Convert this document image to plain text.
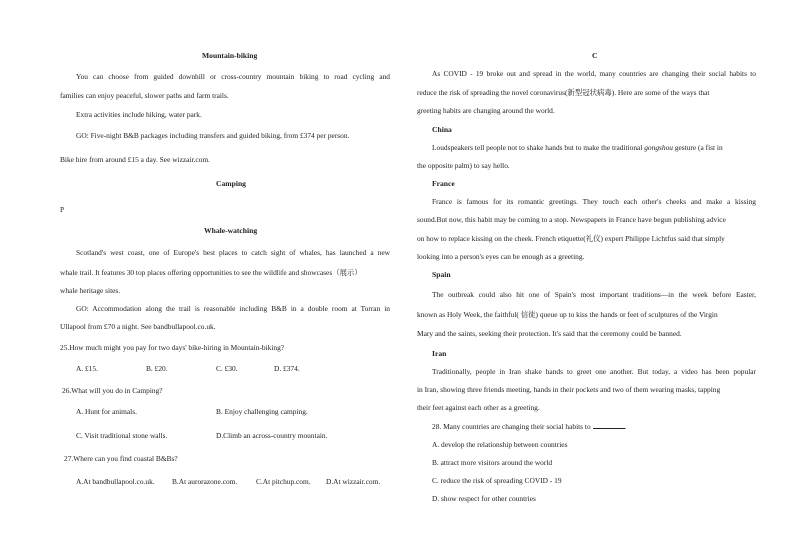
Mountain-biking
You can choose from guided downhill or cross-country mountain biking to road cycling and
families can enjoy peaceful, slower paths and farm trails.
Extra activities include hiking, water park.
GO: Five-night B&B packages including transfers and guided biking, from £374 per person.
Bike hire from around £15 a day. See wizzair.com.
Camping
P
Whale-watching
Scotland's west coast, one of Europe's best places to catch sight of whales, has launched a new
whale trail. It features 30 top places offering opportunities to see the wildlife and showcases（展示）
whale heritage sites.
GO: Accommodation along the trail is reasonable including B&B in a double room at Torran in
Ullapool from £70 a night. See bandbullapool.co.uk.
25.How much might you pay for two days' bike-hiring in Mountain-biking?
A. £15.	B. £20.	C. £30.	D. £374.
26.What will you do in Camping?
A. Hunt for animals.	B. Enjoy challenging camping.
C. Visit traditional stone walls.	D.Climb an across-country mountain.
27.Where can you find coastal B&Bs?
A.At bandbullapool.co.uk. B.At aurorazone.com.	C.At pitchup.com. D.At wizzair.com.
C
As COVID - 19 broke out and spread in the world, many countries are changing their social habits to
reduce the risk of spreading the novel coronavirus(新型冠状病毒). Here are some of the ways that
greeting habits are changing around the world.
China
Loudspeakers tell people not to shake hands but to make the traditional gongshou gesture (a fist in
the opposite palm) to say hello.
France
France is famous for its romantic greetings. They touch each other's cheeks and make a kissing
sound.But now, this habit may be coming to a stop. Newspapers in France have begun publishing advice
on how to replace kissing on the cheek. French etiquette(礼仪) expert Philippe Lichtfus said that simply
looking into a person's eyes can be enough as a greeting.
Spain
The outbreak could also hit one of Spain's most important traditions—in the week before Easter,
known as Holy Week, the faithful( 信徒) queue up to kiss the hands or feet of sculptures of the Virgin
Mary and the saints, seeking their protection. It's said that the ceremony could be banned.
Iran
Traditionally, people in Iran shake hands to greet one another. But today, a video has been popular
in Iran, showing three friends meeting, hands in their pockets and two of them wearing masks, tapping
their feet against each other as a greeting.
28. Many countries are changing their social habits to	.
A. develop the relationship between countries
B. attract more visitors around the world
C. reduce the risk of spreading COVID - 19
D. show respect for other countries
